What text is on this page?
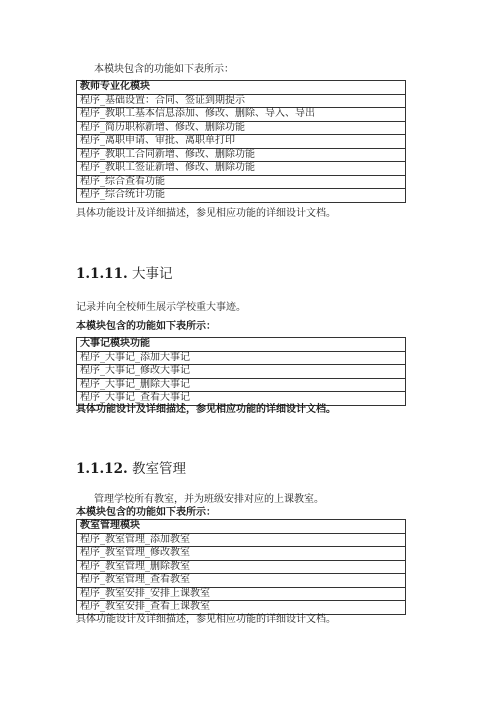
本模块包含的功能如下表所示：
教师专业化模块
程序_基础设置：合同、签证到期提示
程序_教职工基本信息添加、修改、删除、导入、导出
程序_简历职称新增、修改、删除功能
程序_离职申请、审批、离职单打印
程序_教职工合同新增、修改、删除功能
程序_教职工签证新增、修改、删除功能
程序_综合查看功能
程序_综合统计功能
具体功能设计及详细描述，参见相应功能的详细设计文档。
1.1.11. 大事记
记录并向全校师生展示学校重大事迹。
本模块包含的功能如下表所示：
大事记模块功能
程序_大事记_添加大事记
程序_大事记_修改大事记
程序_大事记_删除大事记
程序_大事记_查看大事记
具体功能设计及详细描述，参见相应功能的详细设计文档。
1.1.12. 教室管理
管理学校所有教室，并为班级安排对应的上课教室。
本模块包含的功能如下表所示：
教室管理模块
程序_教室管理_添加教室
程序_教室管理_修改教室
程序_教室管理_删除教室
程序_教室管理_查看教室
程序_教室安排_安排上课教室
程序_教室安排_查看上课教室
具体功能设计及详细描述，参见相应功能的详细设计文档。
